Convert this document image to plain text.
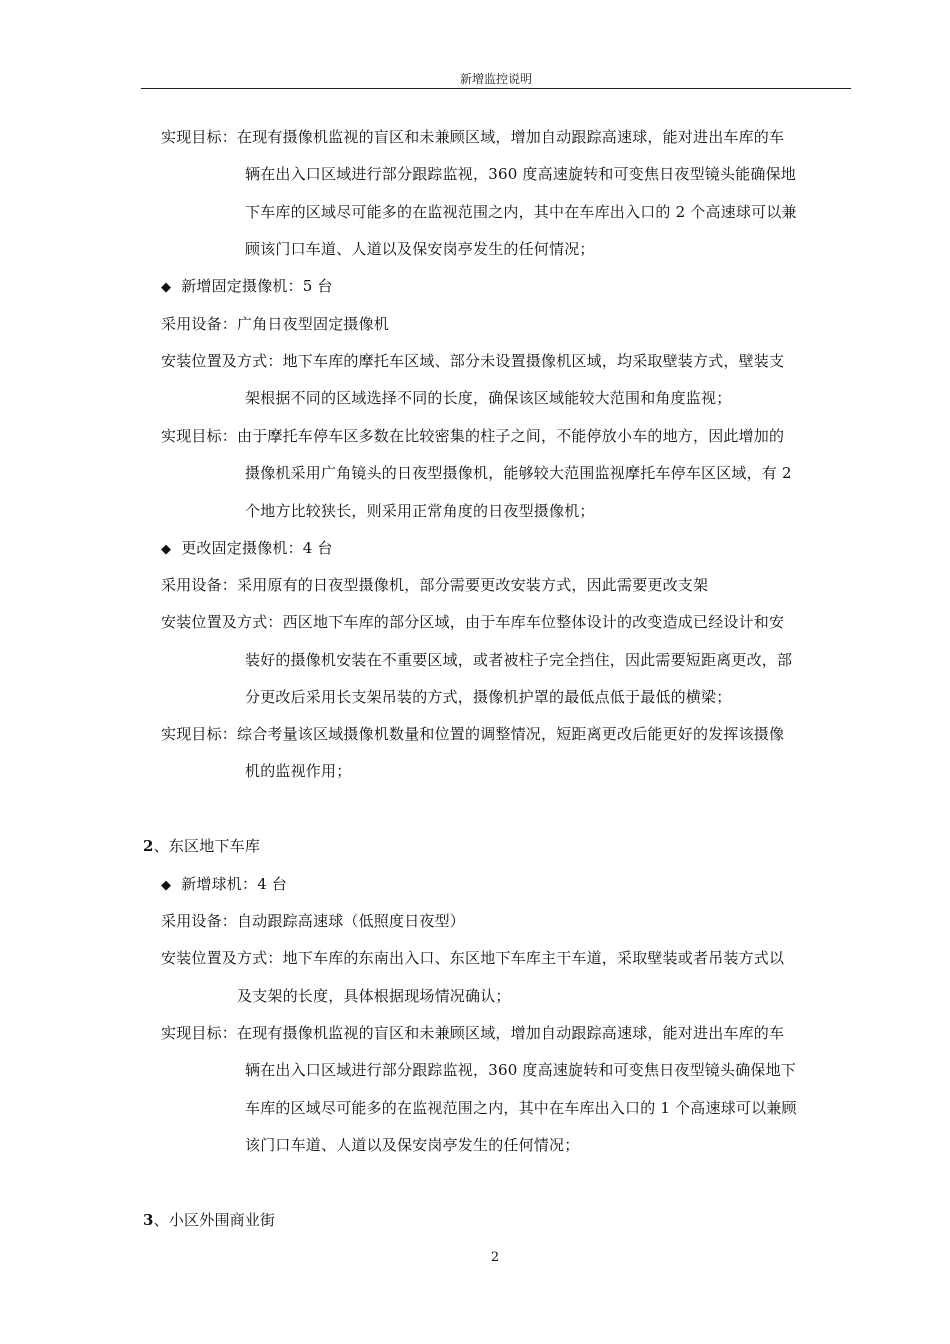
新增监控说明
实现目标：在现有摄像机监视的盲区和未兼顾区域，增加自动跟踪高速球，能对进出车库的车
辆在出入口区域进行部分跟踪监视，360 度高速旋转和可变焦日夜型镜头能确保地
下车库的区域尽可能多的在监视范围之内，其中在车库出入口的 2 个高速球可以兼
顾该门口车道、人道以及保安岗亭发生的任何情况；
◆ 新增固定摄像机：5 台
采用设备：广角日夜型固定摄像机
安装位置及方式：地下车库的摩托车区域、部分未设置摄像机区域，均采取壁装方式，壁装支
架根据不同的区域选择不同的长度，确保该区域能较大范围和角度监视；
实现目标：由于摩托车停车区多数在比较密集的柱子之间，不能停放小车的地方，因此增加的
摄像机采用广角镜头的日夜型摄像机，能够较大范围监视摩托车停车区区域，有 2
个地方比较狭长，则采用正常角度的日夜型摄像机；
◆ 更改固定摄像机：4 台
采用设备：采用原有的日夜型摄像机，部分需要更改安装方式，因此需要更改支架
安装位置及方式：西区地下车库的部分区域，由于车库车位整体设计的改变造成已经设计和安
装好的摄像机安装在不重要区域，或者被柱子完全挡住，因此需要短距离更改，部
分更改后采用长支架吊装的方式，摄像机护罩的最低点低于最低的横梁；
实现目标：综合考量该区域摄像机数量和位置的调整情况，短距离更改后能更好的发挥该摄像
机的监视作用；
2、东区地下车库
◆ 新增球机：4 台
采用设备：自动跟踪高速球（低照度日夜型）
安装位置及方式：地下车库的东南出入口、东区地下车库主干车道，采取壁装或者吊装方式以
及支架的长度，具体根据现场情况确认；
实现目标：在现有摄像机监视的盲区和未兼顾区域，增加自动跟踪高速球，能对进出车库的车
辆在出入口区域进行部分跟踪监视，360 度高速旋转和可变焦日夜型镜头确保地下
车库的区域尽可能多的在监视范围之内，其中在车库出入口的 1 个高速球可以兼顾
该门口车道、人道以及保安岗亭发生的任何情况；
3、小区外围商业街
2
